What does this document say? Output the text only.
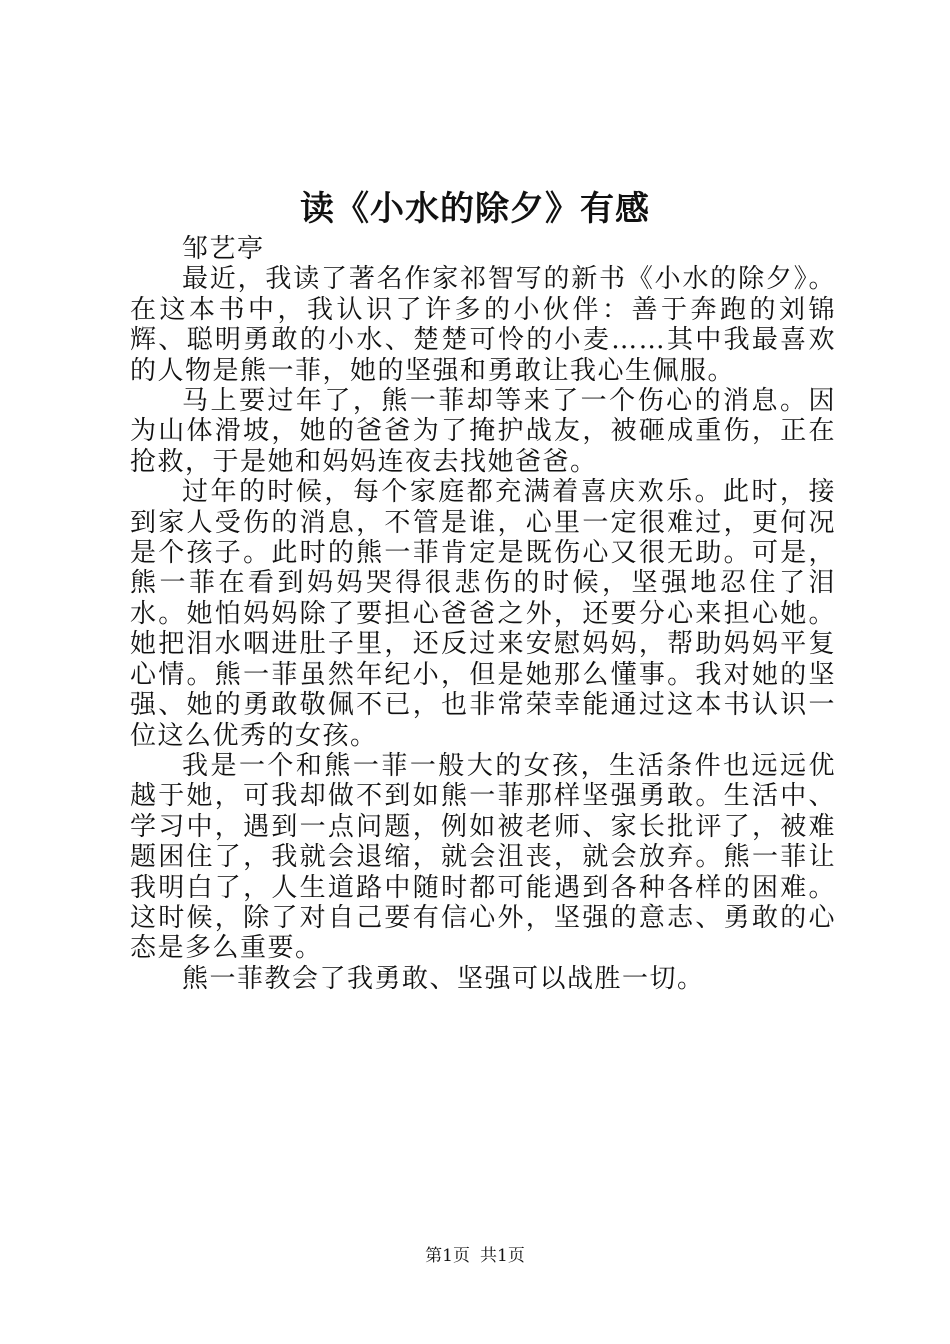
读《小水的除夕》有感
邹艺亭

最近，我读了著名作家祁智写的新书《小水的除夕》。在这本书中，我认识了许多的小伙伴：善于奔跑的刘锦辉、聪明勇敢的小水、楚楚可怜的小麦……其中我最喜欢的人物是熊一菲，她的坚强和勇敢让我心生佩服。

马上要过年了，熊一菲却等来了一个伤心的消息。因为山体滑坡，她的爸爸为了掩护战友，被砸成重伤，正在抢救，于是她和妈妈连夜去找她爸爸。

过年的时候，每个家庭都充满着喜庆欢乐。此时，接到家人受伤的消息，不管是谁，心里一定很难过，更何况是个孩子。此时的熊一菲肯定是既伤心又很无助。可是，熊一菲在看到妈妈哭得很悲伤的时候，坚强地忍住了泪水。她怕妈妈除了要担心爸爸之外，还要分心来担心她。她把泪水咽进肚子里，还反过来安慰妈妈，帮助妈妈平复心情。熊一菲虽然年纪小，但是她那么懂事。我对她的坚强、她的勇敢敬佩不已，也非常荣幸能通过这本书认识一位这么优秀的女孩。

我是一个和熊一菲一般大的女孩，生活条件也远远优越于她，可我却做不到如熊一菲那样坚强勇敢。生活中、学习中，遇到一点问题，例如被老师、家长批评了，被难题困住了，我就会退缩，就会沮丧，就会放弃。熊一菲让我明白了，人生道路中随时都可能遇到各种各样的困难。这时候，除了对自己要有信心外，坚强的意志、勇敢的心态是多么重要。

熊一菲教会了我勇敢、坚强可以战胜一切。

第1页 共1页
